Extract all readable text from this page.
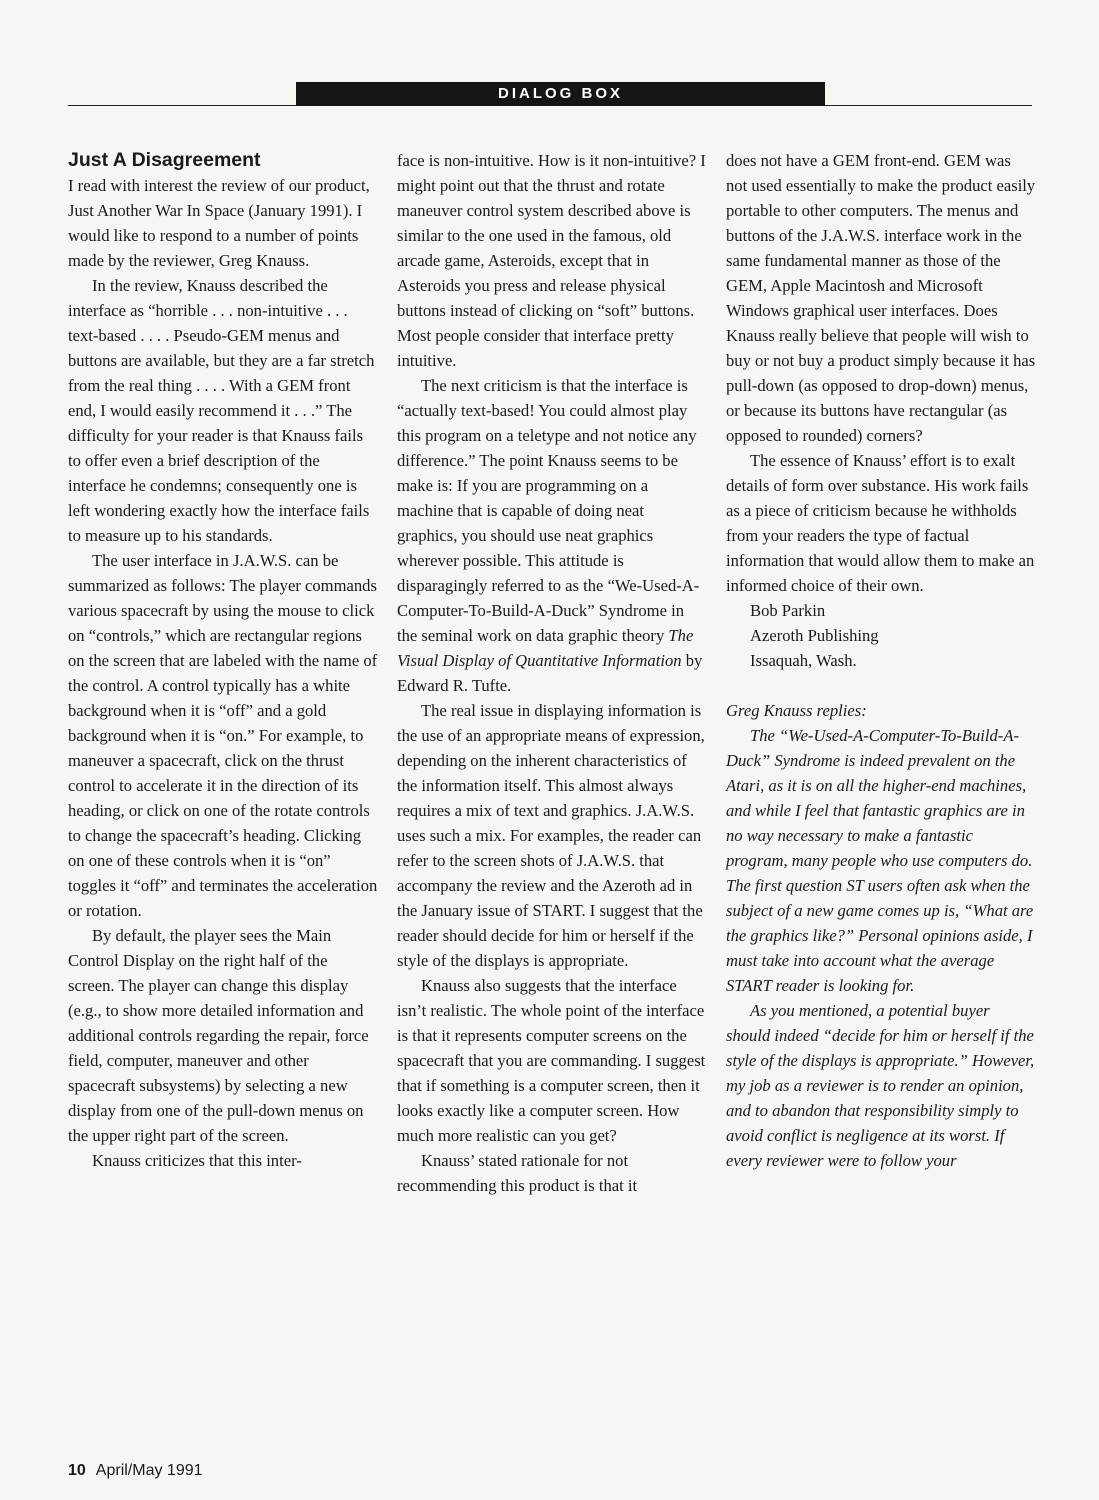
DIALOG BOX
Just A Disagreement

I read with interest the review of our product, Just Another War In Space (January 1991). I would like to respond to a number of points made by the reviewer, Greg Knauss.

In the review, Knauss described the interface as “horrible . . . non-intuitive . . . text-based . . . . Pseudo-GEM menus and buttons are available, but they are a far stretch from the real thing . . . . With a GEM front end, I would easily recommend it . . .” The difficulty for your reader is that Knauss fails to offer even a brief description of the interface he condemns; consequently one is left wondering exactly how the interface fails to measure up to his standards.

The user interface in J.A.W.S. can be summarized as follows: The player commands various spacecraft by using the mouse to click on “controls,” which are rectangular regions on the screen that are labeled with the name of the control. A control typically has a white background when it is “off” and a gold background when it is “on.” For example, to maneuver a spacecraft, click on the thrust control to accelerate it in the direction of its heading, or click on one of the rotate controls to change the spacecraft’s heading. Clicking on one of these controls when it is “on” toggles it “off” and terminates the acceleration or rotation.

By default, the player sees the Main Control Display on the right half of the screen. The player can change this display (e.g., to show more detailed information and additional controls regarding the repair, force field, computer, maneuver and other spacecraft subsystems) by selecting a new display from one of the pull-down menus on the upper right part of the screen.

Knauss criticizes that this inter-

face is non-intuitive. How is it non-intuitive? I might point out that the thrust and rotate maneuver control system described above is similar to the one used in the famous, old arcade game, Asteroids, except that in Asteroids you press and release physical buttons instead of clicking on “soft” buttons. Most people consider that interface pretty intuitive.

The next criticism is that the interface is “actually text-based! You could almost play this program on a teletype and not notice any difference.” The point Knauss seems to be make is: If you are programming on a machine that is capable of doing neat graphics, you should use neat graphics wherever possible. This attitude is disparagingly referred to as the “We-Used-A-Computer-To-Build-A-Duck” Syndrome in the seminal work on data graphic theory The Visual Display of Quantitative Information by Edward R. Tufte.

The real issue in displaying information is the use of an appropriate means of expression, depending on the inherent characteristics of the information itself. This almost always requires a mix of text and graphics. J.A.W.S. uses such a mix. For examples, the reader can refer to the screen shots of J.A.W.S. that accompany the review and the Azeroth ad in the January issue of START. I suggest that the reader should decide for him or herself if the style of the displays is appropriate.

Knauss also suggests that the interface isn’t realistic. The whole point of the interface is that it represents computer screens on the spacecraft that you are commanding. I suggest that if something is a computer screen, then it looks exactly like a computer screen. How much more realistic can you get?

Knauss’ stated rationale for not recommending this product is that it

does not have a GEM front-end. GEM was not used essentially to make the product easily portable to other computers. The menus and buttons of the J.A.W.S. interface work in the same fundamental manner as those of the GEM, Apple Macintosh and Microsoft Windows graphical user interfaces. Does Knauss really believe that people will wish to buy or not buy a product simply because it has pull-down (as opposed to drop-down) menus, or because its buttons have rectangular (as opposed to rounded) corners?

The essence of Knauss’ effort is to exalt details of form over substance. His work fails as a piece of criticism because he withholds from your readers the type of factual information that would allow them to make an informed choice of their own.

Bob Parkin

Azeroth Publishing

Issaquah, Wash.

Greg Knauss replies:

The “We-Used-A-Computer-To-Build-A-Duck” Syndrome is indeed prevalent on the Atari, as it is on all the higher-end machines, and while I feel that fantastic graphics are in no way necessary to make a fantastic program, many people who use computers do. The first question ST users often ask when the subject of a new game comes up is, “What are the graphics like?” Personal opinions aside, I must take into account what the average START reader is looking for.

As you mentioned, a potential buyer should indeed “decide for him or herself if the style of the displays is appropriate.” However, my job as a reviewer is to render an opinion, and to abandon that responsibility simply to avoid conflict is negligence at its worst. If every reviewer were to follow your

10 April/May 1991
